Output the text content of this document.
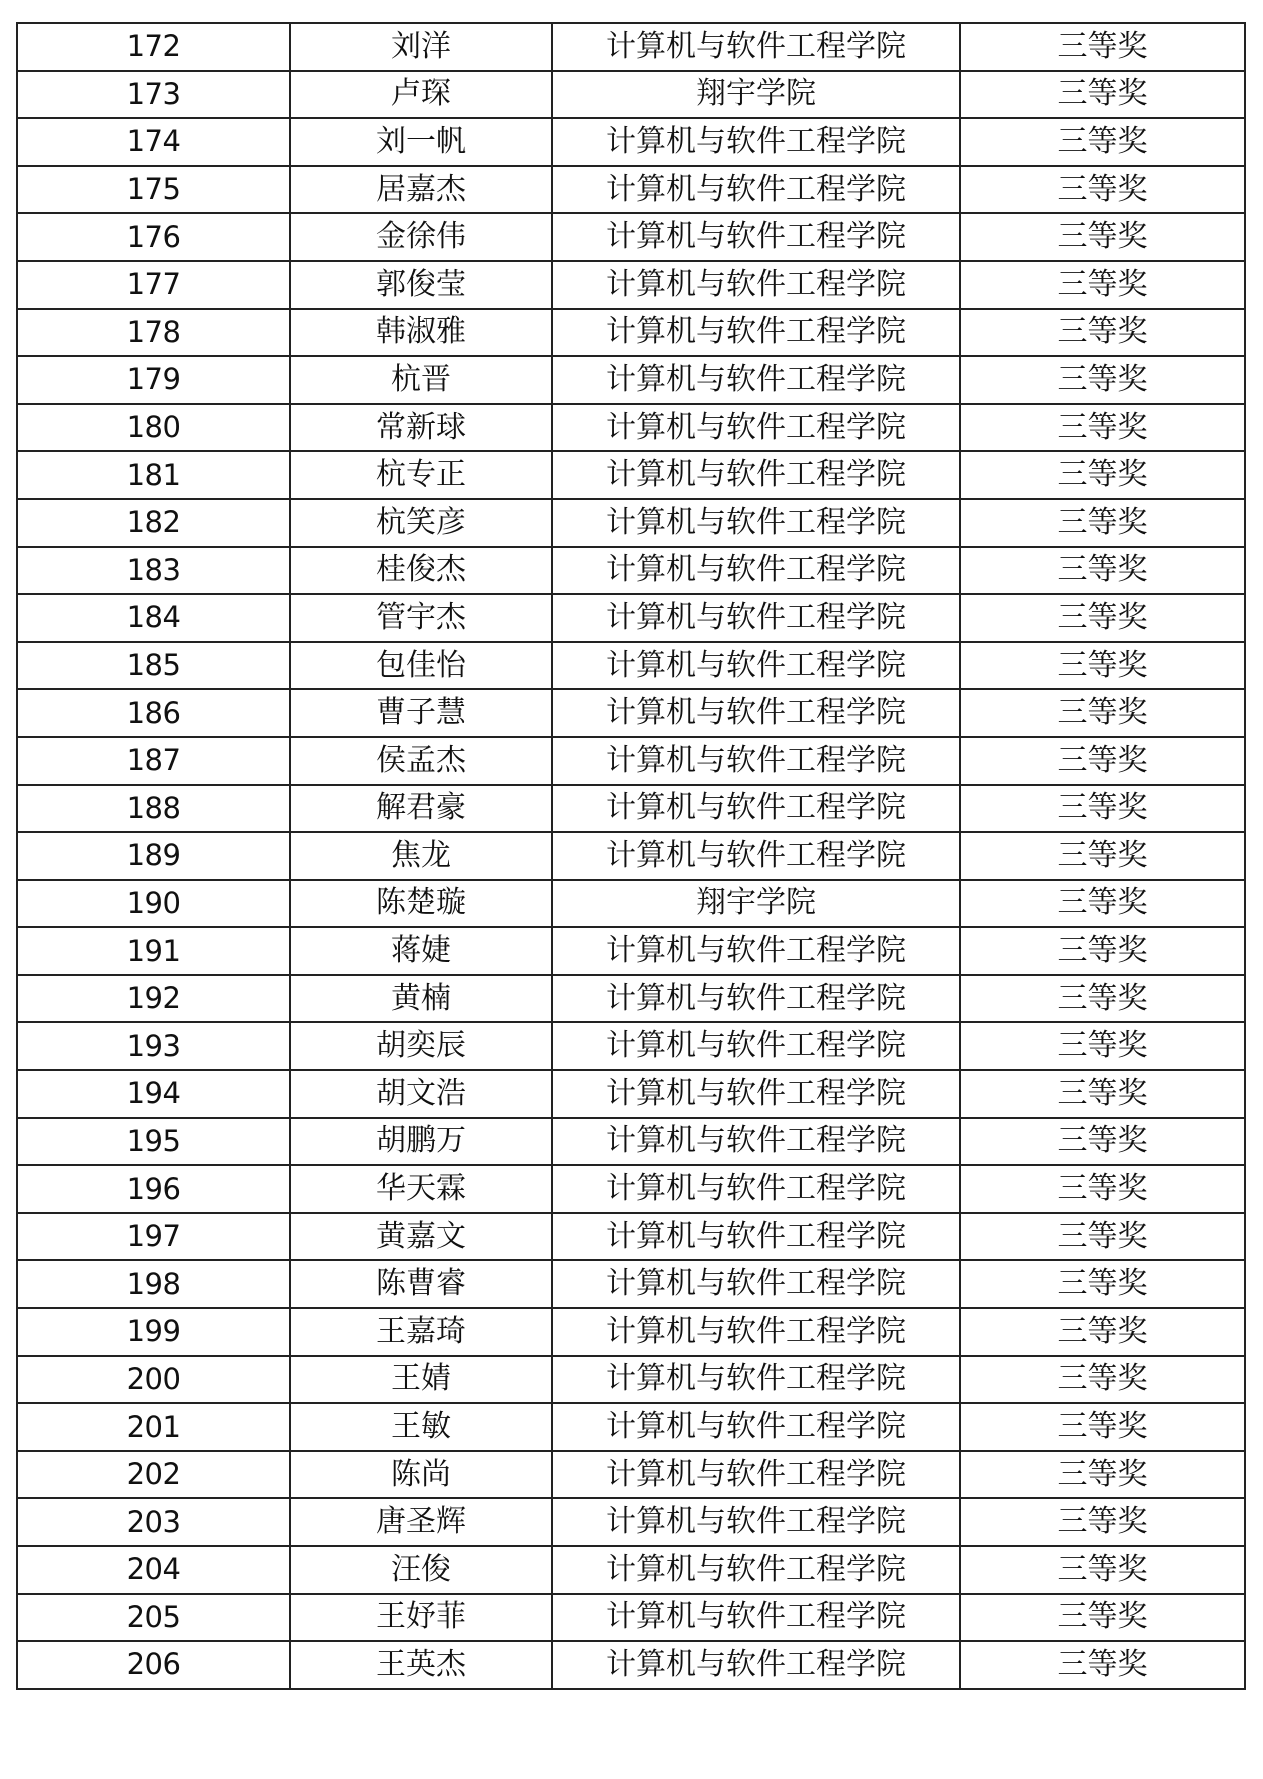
172	刘洋	计算机与软件工程学院	三等奖
173	卢琛	翔宇学院	三等奖
174	刘一帆	计算机与软件工程学院	三等奖
175	居嘉杰	计算机与软件工程学院	三等奖
176	金徐伟	计算机与软件工程学院	三等奖
177	郭俊莹	计算机与软件工程学院	三等奖
178	韩淑雅	计算机与软件工程学院	三等奖
179	杭晋	计算机与软件工程学院	三等奖
180	常新球	计算机与软件工程学院	三等奖
181	杭专正	计算机与软件工程学院	三等奖
182	杭笑彦	计算机与软件工程学院	三等奖
183	桂俊杰	计算机与软件工程学院	三等奖
184	管宇杰	计算机与软件工程学院	三等奖
185	包佳怡	计算机与软件工程学院	三等奖
186	曹子慧	计算机与软件工程学院	三等奖
187	侯孟杰	计算机与软件工程学院	三等奖
188	解君豪	计算机与软件工程学院	三等奖
189	焦龙	计算机与软件工程学院	三等奖
190	陈楚璇	翔宇学院	三等奖
191	蒋婕	计算机与软件工程学院	三等奖
192	黄楠	计算机与软件工程学院	三等奖
193	胡奕辰	计算机与软件工程学院	三等奖
194	胡文浩	计算机与软件工程学院	三等奖
195	胡鹏万	计算机与软件工程学院	三等奖
196	华天霖	计算机与软件工程学院	三等奖
197	黄嘉文	计算机与软件工程学院	三等奖
198	陈曹睿	计算机与软件工程学院	三等奖
199	王嘉琦	计算机与软件工程学院	三等奖
200	王婧	计算机与软件工程学院	三等奖
201	王敏	计算机与软件工程学院	三等奖
202	陈尚	计算机与软件工程学院	三等奖
203	唐圣辉	计算机与软件工程学院	三等奖
204	汪俊	计算机与软件工程学院	三等奖
205	王妤菲	计算机与软件工程学院	三等奖
206	王英杰	计算机与软件工程学院	三等奖
